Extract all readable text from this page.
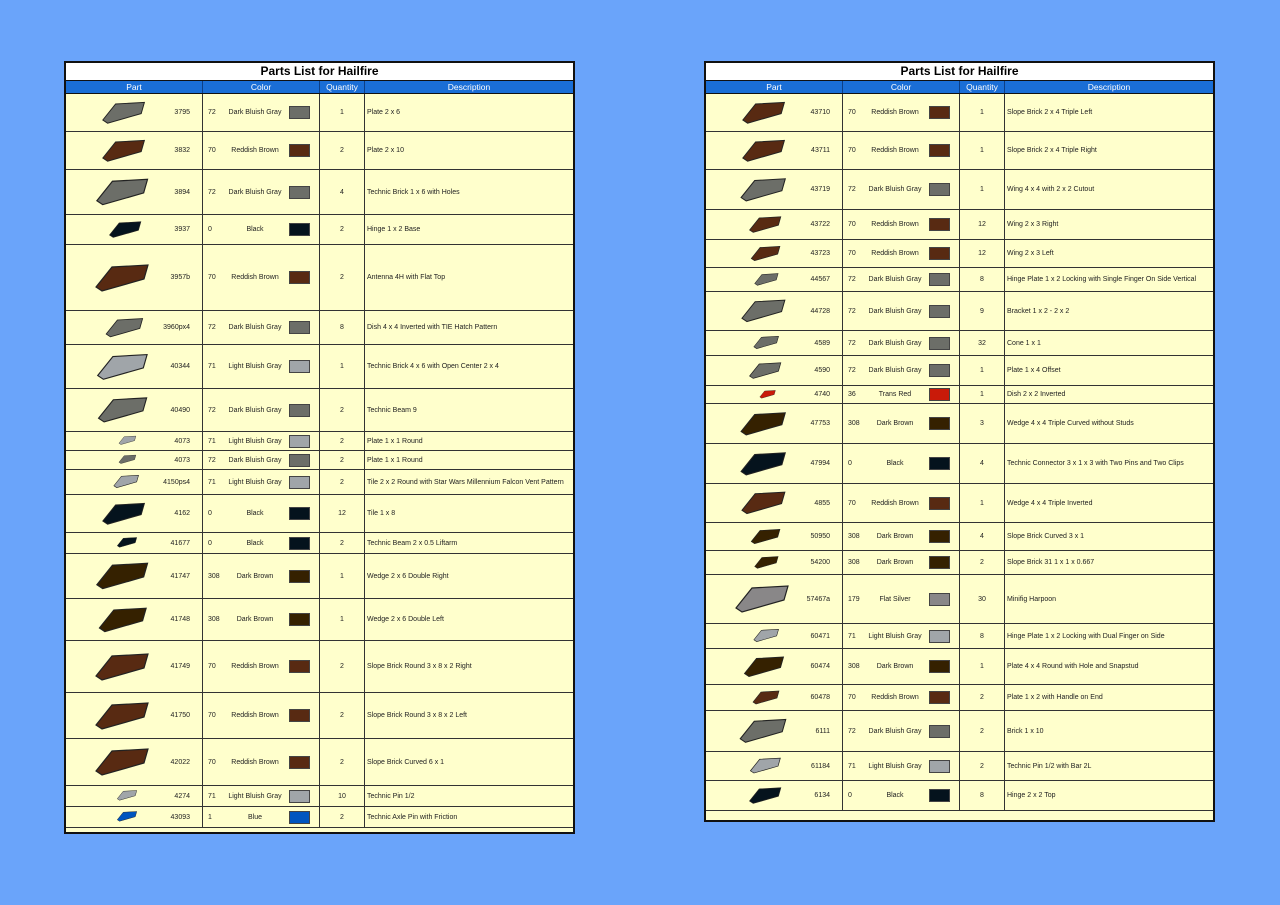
Parts List for Hailfire
Part	Color	Quantity	Description
3795	72	Dark Bluish Gray	1	Plate 2 x 6
3832	70	Reddish Brown	2	Plate 2 x 10
3894	72	Dark Bluish Gray	4	Technic Brick 1 x 6 with Holes
3937	0	Black	2	Hinge 1 x 2 Base
3957b	70	Reddish Brown	2	Antenna 4H with Flat Top
3960px4	72	Dark Bluish Gray	8	Dish 4 x 4 Inverted with TIE Hatch Pattern
40344	71	Light Bluish Gray	1	Technic Brick 4 x 6 with Open Center 2 x 4
40490	72	Dark Bluish Gray	2	Technic Beam 9
4073	71	Light Bluish Gray	2	Plate 1 x 1 Round
4073	72	Dark Bluish Gray	2	Plate 1 x 1 Round
4150ps4	71	Light Bluish Gray	2	Tile 2 x 2 Round with Star Wars Millennium Falcon Vent Pattern
4162	0	Black	12	Tile 1 x 8
41677	0	Black	2	Technic Beam 2 x 0.5 Liftarm
41747	308	Dark Brown	1	Wedge 2 x 6 Double Right
41748	308	Dark Brown	1	Wedge 2 x 6 Double Left
41749	70	Reddish Brown	2	Slope Brick Round 3 x 8 x 2 Right
41750	70	Reddish Brown	2	Slope Brick Round 3 x 8 x 2 Left
42022	70	Reddish Brown	2	Slope Brick Curved 6 x 1
4274	71	Light Bluish Gray	10	Technic Pin 1/2
43093	1	Blue	2	Technic Axle Pin with Friction
Parts List for Hailfire
Part	Color	Quantity	Description
43710	70	Reddish Brown	1	Slope Brick 2 x 4 Triple Left
43711	70	Reddish Brown	1	Slope Brick 2 x 4 Triple Right
43719	72	Dark Bluish Gray	1	Wing 4 x 4 with 2 x 2 Cutout
43722	70	Reddish Brown	12	Wing 2 x 3 Right
43723	70	Reddish Brown	12	Wing 2 x 3 Left
44567	72	Dark Bluish Gray	8	Hinge Plate 1 x 2 Locking with Single Finger On Side Vertical
44728	72	Dark Bluish Gray	9	Bracket 1 x 2 - 2 x 2
4589	72	Dark Bluish Gray	32	Cone 1 x 1
4590	72	Dark Bluish Gray	1	Plate 1 x 4 Offset
4740	36	Trans Red	1	Dish 2 x 2 Inverted
47753	308	Dark Brown	3	Wedge 4 x 4 Triple Curved without Studs
47994	0	Black	4	Technic Connector 3 x 1 x 3 with Two Pins and Two Clips
4855	70	Reddish Brown	1	Wedge 4 x 4 Triple Inverted
50950	308	Dark Brown	4	Slope Brick Curved 3 x 1
54200	308	Dark Brown	2	Slope Brick 31 1 x 1 x 0.667
57467a	179	Flat Silver	30	Minifig Harpoon
60471	71	Light Bluish Gray	8	Hinge Plate 1 x 2 Locking with Dual Finger on Side
60474	308	Dark Brown	1	Plate 4 x 4 Round with Hole and Snapstud
60478	70	Reddish Brown	2	Plate 1 x 2 with Handle on End
6111	72	Dark Bluish Gray	2	Brick 1 x 10
61184	71	Light Bluish Gray	2	Technic Pin 1/2 with Bar 2L
6134	0	Black	8	Hinge 2 x 2 Top
